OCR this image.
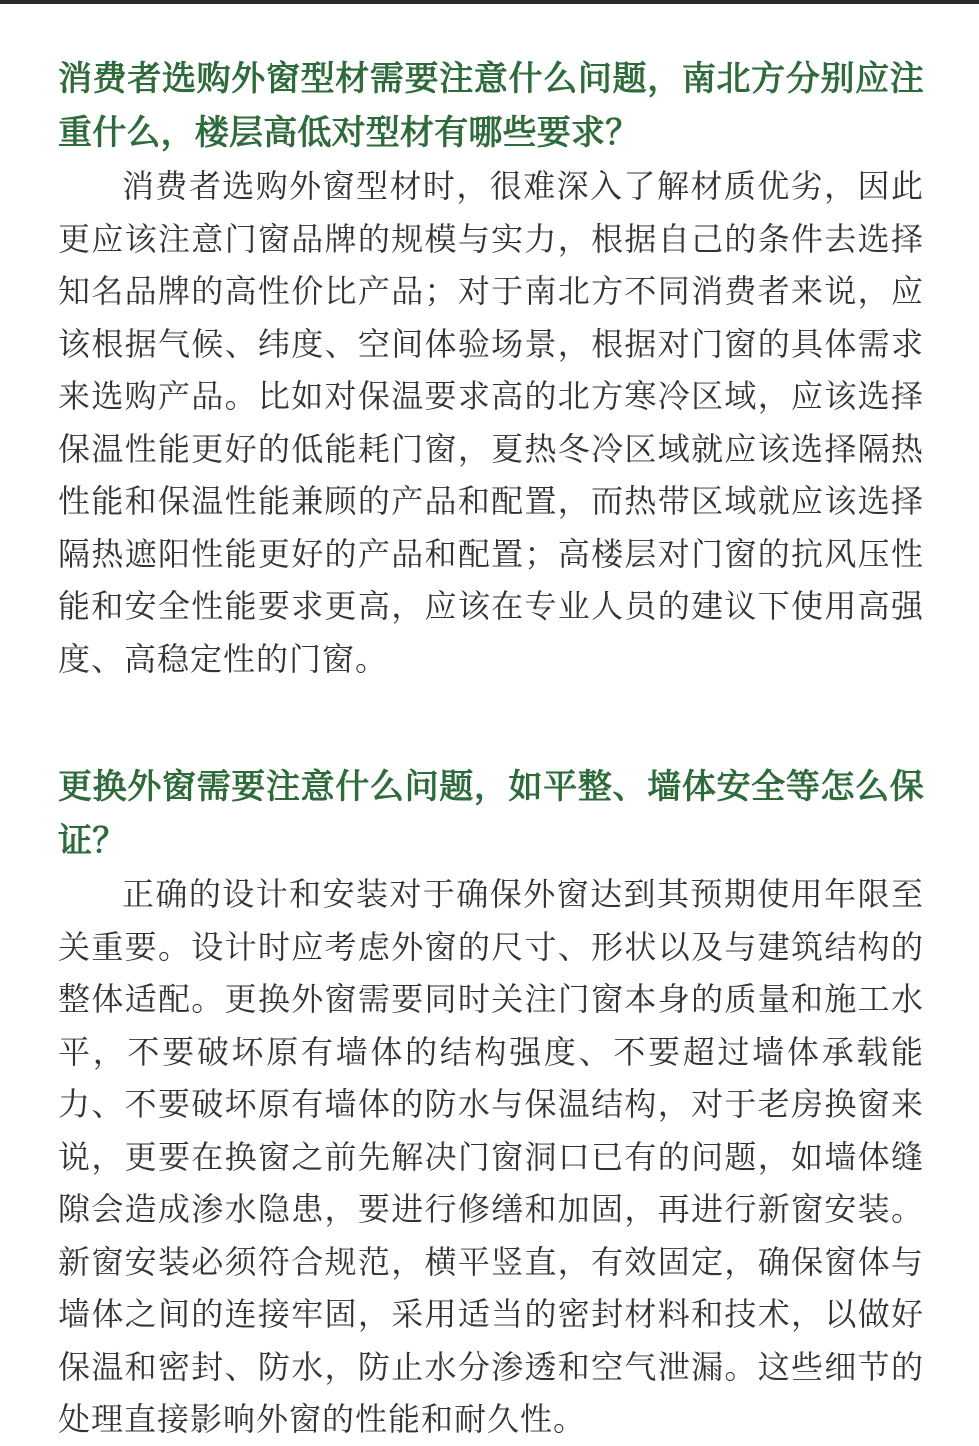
消费者选购外窗型材需要注意什么问题，南北方分别应注重什么，楼层高低对型材有哪些要求？

消费者选购外窗型材时，很难深入了解材质优劣，因此更应该注意门窗品牌的规模与实力，根据自己的条件去选择知名品牌的高性价比产品；对于南北方不同消费者来说，应该根据气候、纬度、空间体验场景，根据对门窗的具体需求来选购产品。比如对保温要求高的北方寒冷区域，应该选择保温性能更好的低能耗门窗，夏热冬冷区域就应该选择隔热性能和保温性能兼顾的产品和配置，而热带区域就应该选择隔热遮阳性能更好的产品和配置；高楼层对门窗的抗风压性能和安全性能要求更高，应该在专业人员的建议下使用高强度、高稳定性的门窗。

更换外窗需要注意什么问题，如平整、墙体安全等怎么保证？

正确的设计和安装对于确保外窗达到其预期使用年限至关重要。设计时应考虑外窗的尺寸、形状以及与建筑结构的整体适配。更换外窗需要同时关注门窗本身的质量和施工水平，不要破坏原有墙体的结构强度、不要超过墙体承载能力、不要破坏原有墙体的防水与保温结构，对于老房换窗来说，更要在换窗之前先解决门窗洞口已有的问题，如墙体缝隙会造成渗水隐患，要进行修缮和加固，再进行新窗安装。新窗安装必须符合规范，横平竖直，有效固定，确保窗体与墙体之间的连接牢固，采用适当的密封材料和技术，以做好保温和密封、防水，防止水分渗透和空气泄漏。这些细节的处理直接影响外窗的性能和耐久性。
